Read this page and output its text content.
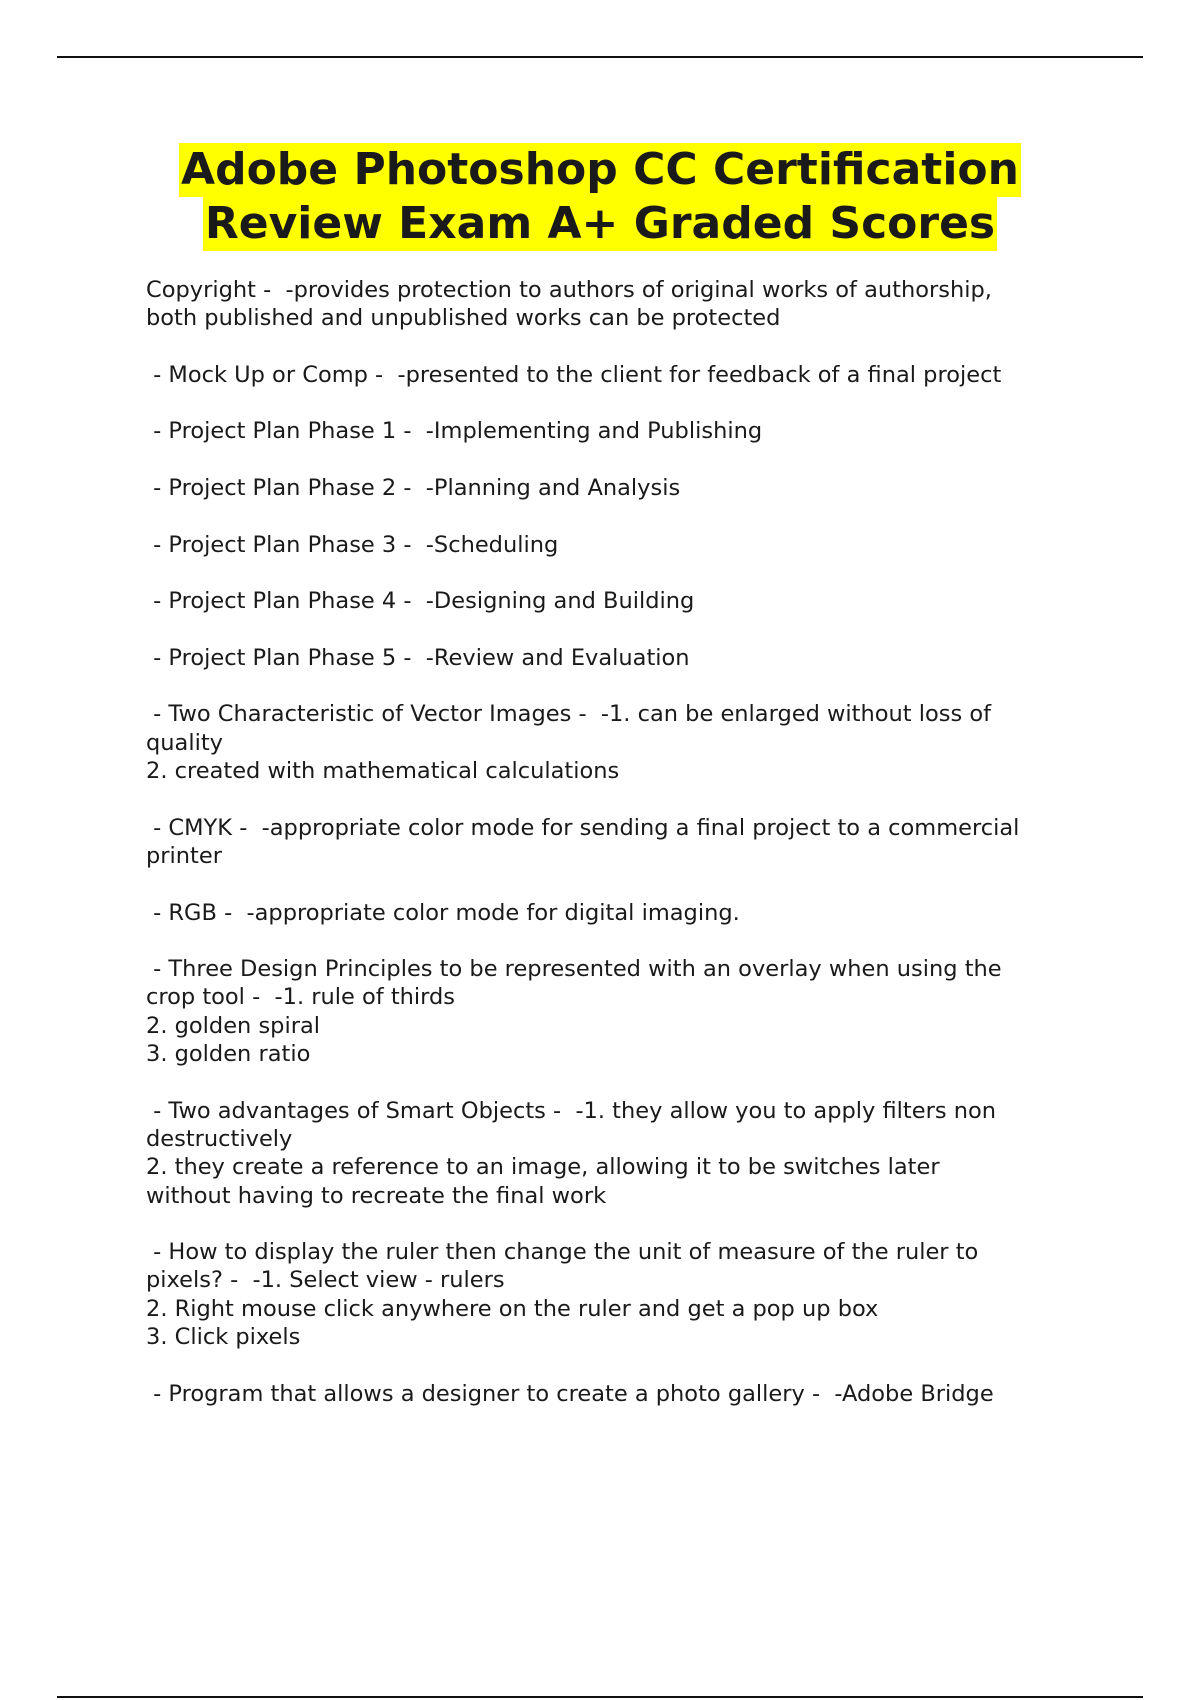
Adobe Photoshop CC Certification
Review Exam A+ Graded Scores
Copyright -  -provides protection to authors of original works of authorship,
both published and unpublished works can be protected
- Mock Up or Comp -  -presented to the client for feedback of a final project
- Project Plan Phase 1 -  -Implementing and Publishing
- Project Plan Phase 2 -  -Planning and Analysis
- Project Plan Phase 3 -  -Scheduling
- Project Plan Phase 4 -  -Designing and Building
- Project Plan Phase 5 -  -Review and Evaluation
- Two Characteristic of Vector Images -  -1. can be enlarged without loss of
quality
2. created with mathematical calculations
- CMYK -  -appropriate color mode for sending a final project to a commercial
printer
- RGB -  -appropriate color mode for digital imaging.
- Three Design Principles to be represented with an overlay when using the
crop tool -  -1. rule of thirds
2. golden spiral
3. golden ratio
- Two advantages of Smart Objects -  -1. they allow you to apply filters non
destructively
2. they create a reference to an image, allowing it to be switches later
without having to recreate the final work
- How to display the ruler then change the unit of measure of the ruler to
pixels? -  -1. Select view - rulers
2. Right mouse click anywhere on the ruler and get a pop up box
3. Click pixels
- Program that allows a designer to create a photo gallery -  -Adobe Bridge
